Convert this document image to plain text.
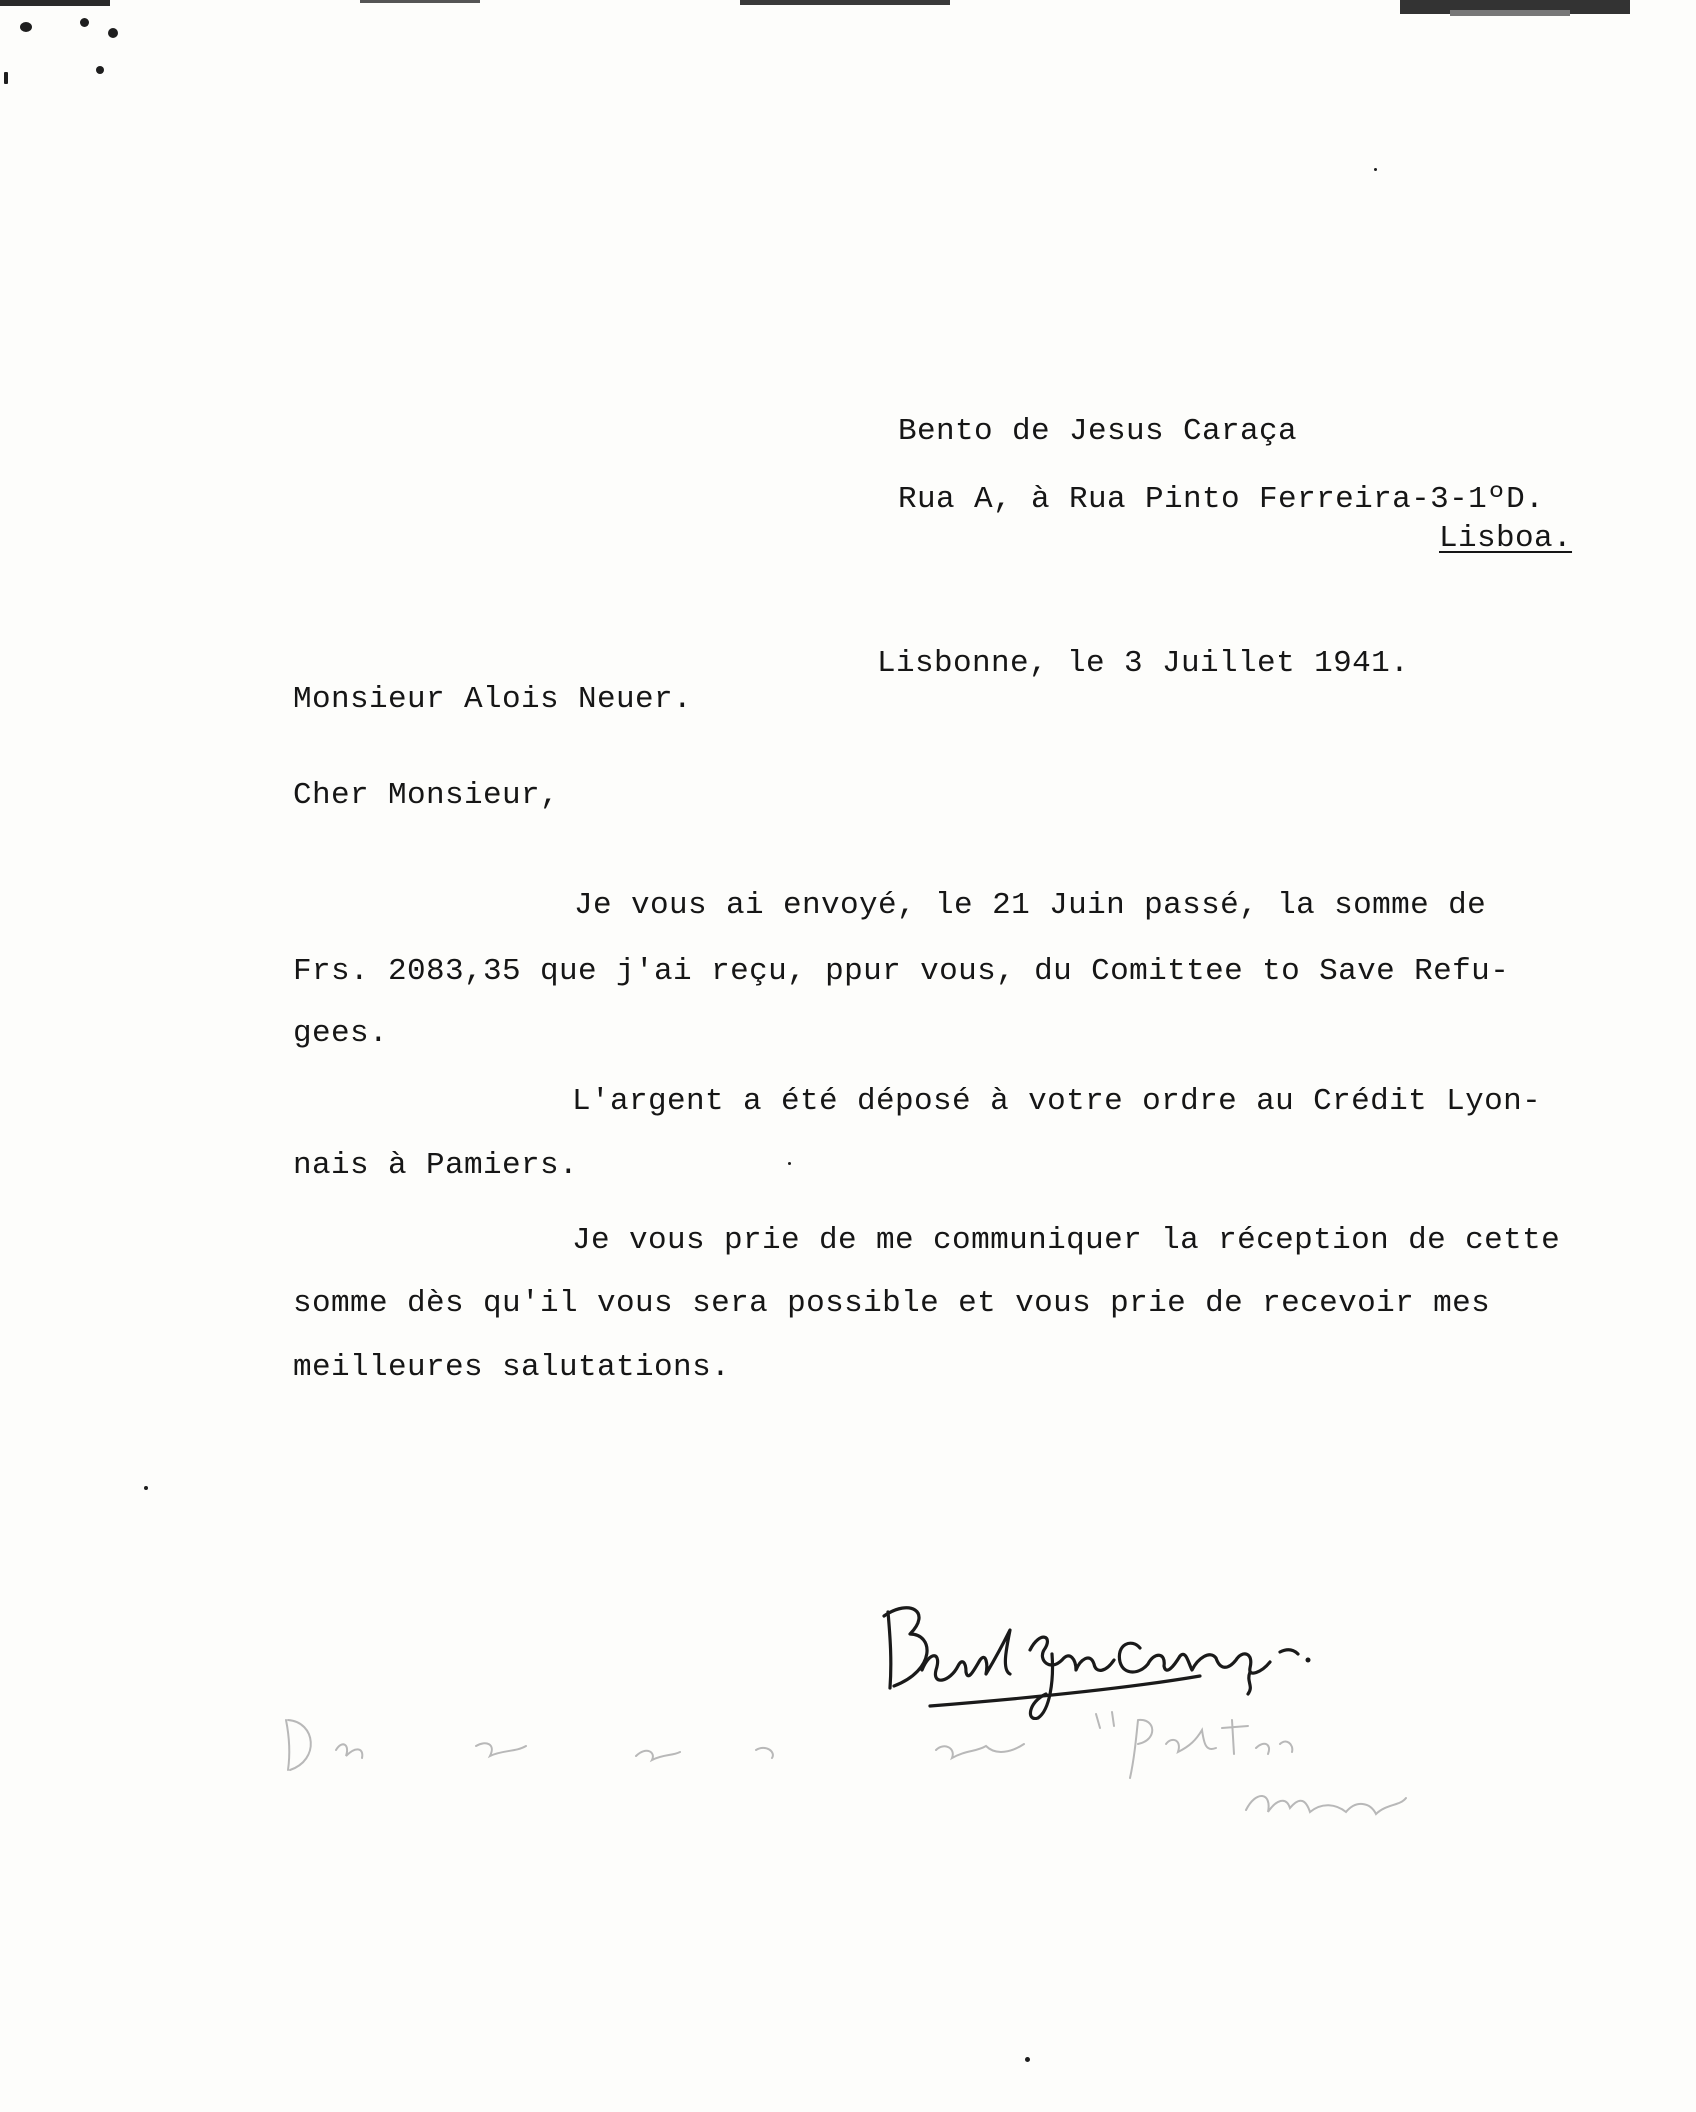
Bento de Jesus Caraça
Rua A, à Rua Pinto Ferreira-3-1ºD.
Lisboa.
Lisbonne, le 3 Juillet 1941.
Monsieur Alois Neuer.
Cher Monsieur,
Je vous ai envoyé, le 21 Juin passé, la somme de
Frs. 2083,35 que j'ai reçu, ppur vous, du Comittee to Save Refu-
gees.
L'argent a été déposé à votre ordre au Crédit Lyon-
nais à Pamiers.
Je vous prie de me communiquer la réception de cette
somme dès qu'il vous sera possible et vous prie de recevoir mes
meilleures salutations.
